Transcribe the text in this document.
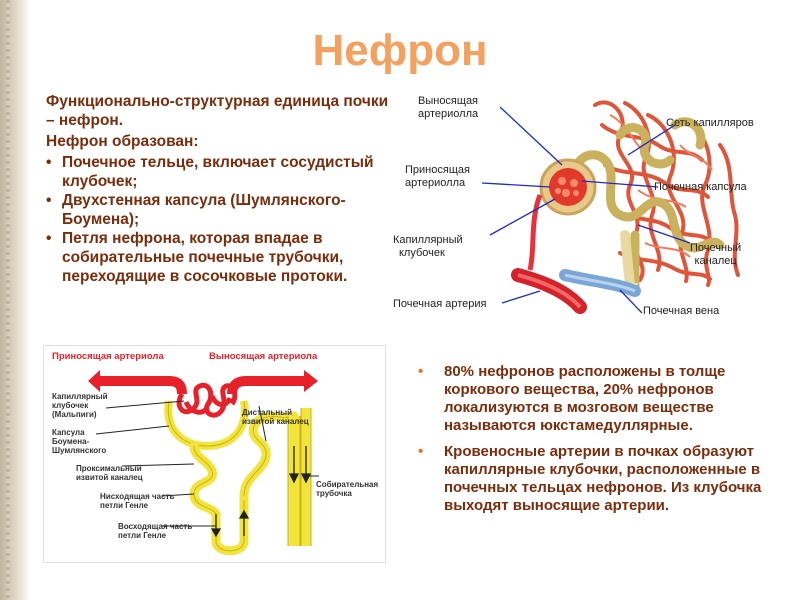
Нефрон

Функционально-структурная единица почки – нефрон.

Нефрон образован:

• Почечное тельце, включает сосудистый клубочек;
• Двухстенная капсула (Шумлянского-Боумена);
• Петля нефрона, которая впадае в собирательные почечные трубочки, переходящие в сосочковые протоки.
Выносящая
артериолла
Приносящая
артериолла
Капиллярный
клубочек
Почечная артерия
Сеть капилляров
Почечная капсула
Почечный
каналец
Почечная вена
Приносящая артериола	Выносящая артериола
Капиллярный
клубочек
(Мальпиги)
Капсула
Боумена-
Шумлянского
Проксимальный
извитой каналец
Нисходящая часть
петли Генле
Восходящая часть
петли Генле
Дистальный
извитой каналец
Собирательная
трубочка
• 80% нефронов расположены в толще коркового вещества, 20% нефронов локализуются в мозговом веществе называются юкстамедуллярные.
• Кровеносные артерии в почках образуют капиллярные клубочки, расположенные в почечных тельцах нефронов. Из клубочка выходят выносящие артерии.
